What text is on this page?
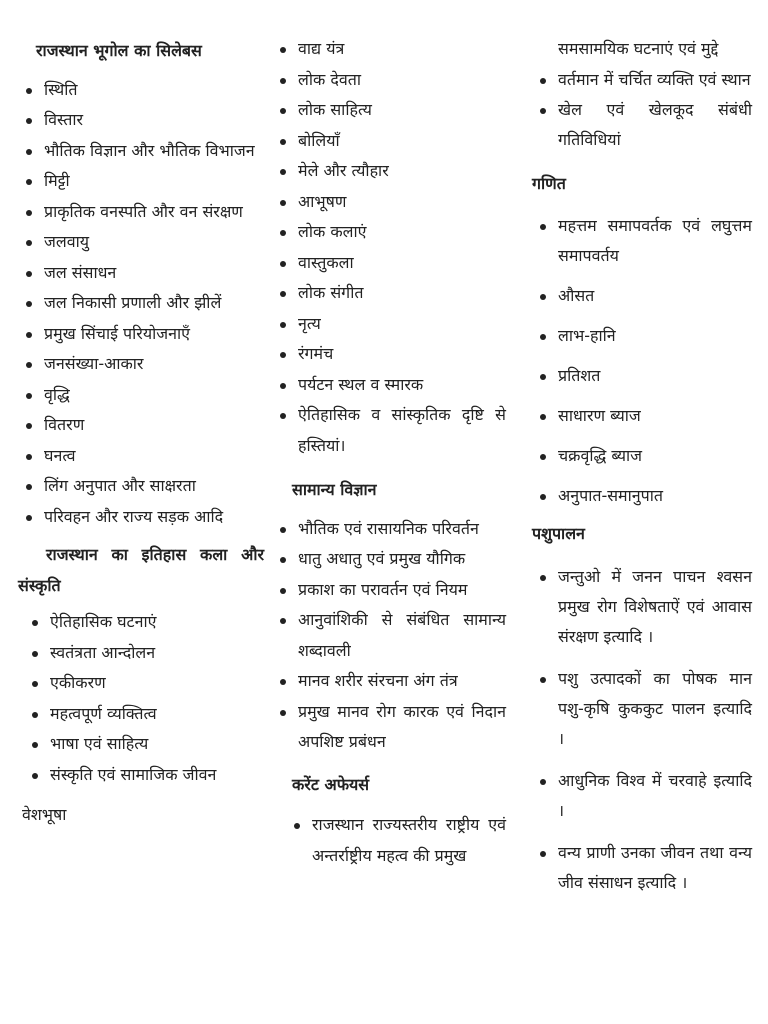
राजस्थान भूगोल का सिलेबस
स्थिति
विस्तार
भौतिक विज्ञान और भौतिक विभाजन
मिट्टी
प्राकृतिक वनस्पति और वन संरक्षण
जलवायु
जल संसाधन
जल निकासी प्रणाली और झीलें
प्रमुख सिंचाई परियोजनाएँ
जनसंख्या-आकार
वृद्धि
वितरण
घनत्व
लिंग अनुपात और साक्षरता
परिवहन और राज्य सड़क आदि
राजस्थान का इतिहास कला और संस्कृति
ऐतिहासिक घटनाएं
स्वतंत्रता आन्दोलन
एकीकरण
महत्वपूर्ण व्यक्तित्व
भाषा एवं साहित्य
संस्कृति एवं सामाजिक जीवन
वेशभूषा
वाद्य यंत्र
लोक देवता
लोक साहित्य
बोलियाँ
मेले और त्यौहार
आभूषण
लोक कलाएं
वास्तुकला
लोक संगीत
नृत्य
रंगमंच
पर्यटन स्थल व स्मारक
ऐतिहासिक व सांस्कृतिक दृष्टि से हस्तियां।
सामान्य विज्ञान
भौतिक एवं रासायनिक परिवर्तन
धातु अधातु एवं प्रमुख यौगिक
प्रकाश का परावर्तन एवं नियम
आनुवांशिकी से संबंधित सामान्य शब्दावली
मानव शरीर संरचना अंग तंत्र
प्रमुख मानव रोग कारक एवं निदान अपशिष्ट प्रबंधन
करेंट अफेयर्स
राजस्थान राज्यस्तरीय राष्ट्रीय एवं अन्तर्राष्ट्रीय महत्व की प्रमुख
समसामयिक घटनाएं एवं मुद्दे
वर्तमान में चर्चित व्यक्ति एवं स्थान
खेल एवं खेलकूद संबंधी गतिविधियां
गणित
महत्तम समापवर्तक एवं लघुत्तम समापवर्तय
औसत
लाभ-हानि
प्रतिशत
साधारण ब्याज
चक्रवृद्धि ब्याज
अनुपात-समानुपात
पशुपालन
जन्तुओ में जनन पाचन श्वसन प्रमुख रोग विशेषताऐं एवं आवास संरक्षण इत्यादि ।
पशु उत्पादकों का पोषक मान पशु-कृषि कुककुट पालन इत्यादि ।
आधुनिक विश्व में चरवाहे इत्यादि ।
वन्य प्राणी उनका जीवन तथा वन्य जीव संसाधन इत्यादि ।
